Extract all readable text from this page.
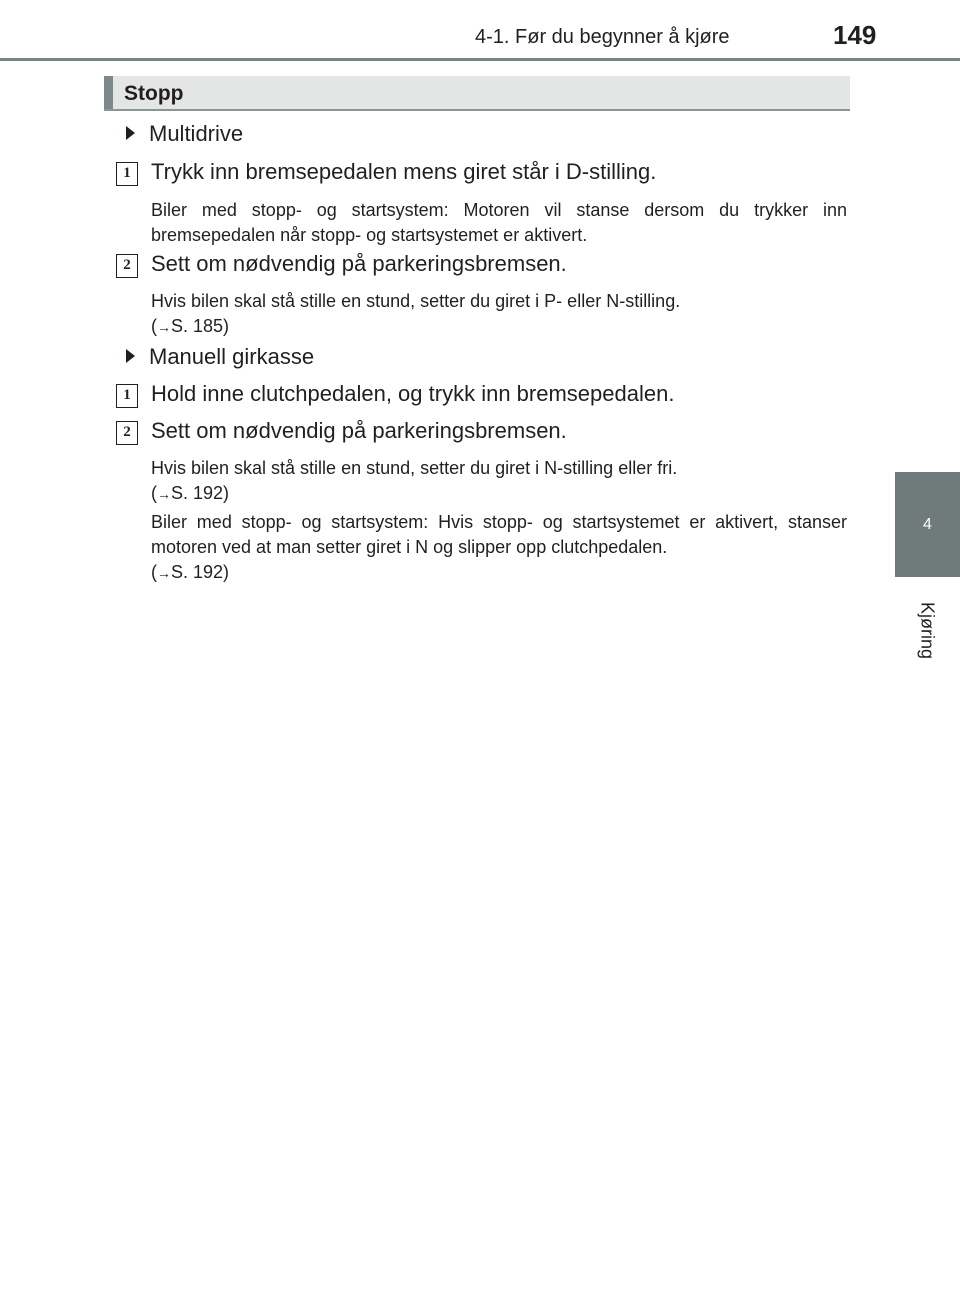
4-1. Før du begynner å kjøre	149
4
Kjøring
Stopp
Multidrive
1 Trykk inn bremsepedalen mens giret står i D-stilling.
Biler med stopp- og startsystem: Motoren vil stanse dersom du trykker inn bremsepedalen når stopp- og startsystemet er aktivert.
2 Sett om nødvendig på parkeringsbremsen.
Hvis bilen skal stå stille en stund, setter du giret i P- eller N-stilling.
(→S. 185)
Manuell girkasse
1 Hold inne clutchpedalen, og trykk inn bremsepedalen.
2 Sett om nødvendig på parkeringsbremsen.
Hvis bilen skal stå stille en stund, setter du giret i N-stilling eller fri.
(→S. 192)
Biler med stopp- og startsystem: Hvis stopp- og startsystemet er aktivert, stanser motoren ved at man setter giret i N og slipper opp clutchpedalen.
(→S. 192)
